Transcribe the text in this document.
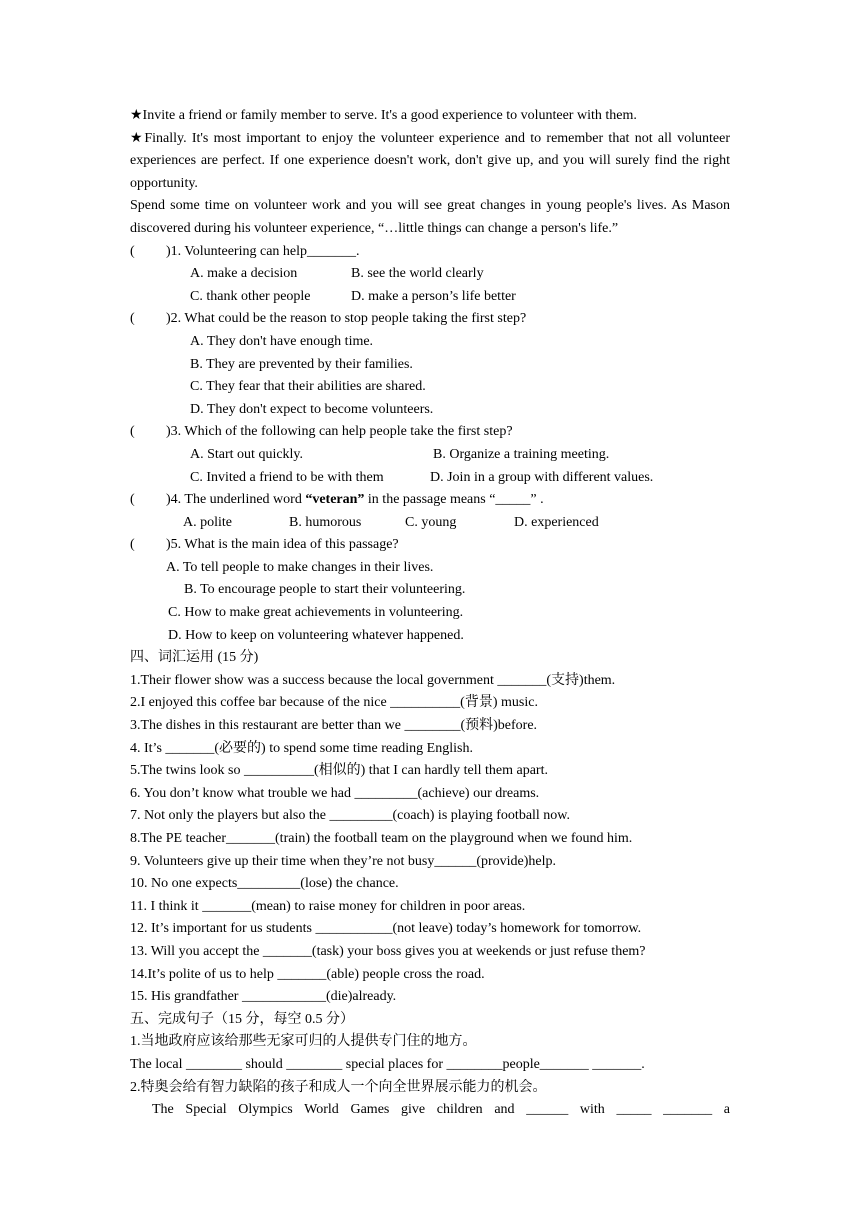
★Invite a friend or family member to serve. It's a good experience to volunteer with them.
★Finally. It's most important to enjoy the volunteer experience and to remember that not all volunteer experiences are perfect. If one experience doesn't work, don't give up, and you will surely find the right opportunity.
Spend some time on volunteer work and you will see great changes in young people's lives. As Mason discovered during his volunteer experience, “…little things can change a person's life.”
( )1. Volunteering can help_______.
A. make a decision	B. see the world clearly
C. thank other people	D. make a person’s life better
( )2. What could be the reason to stop people taking the first step?
A. They don't have enough time.
B. They are prevented by their families.
C. They fear that their abilities are shared.
D. They don't expect to become volunteers.
( )3. Which of the following can help people take the first step?
A. Start out quickly.	B. Organize a training meeting.
C. Invited a friend to be with them	D. Join in a group with different values.
( )4. The underlined word “veteran” in the passage means “_____” .
A. polite	B. humorous	C. young	D. experienced
( )5. What is the main idea of this passage?
A. To tell people to make changes in their lives.
B. To encourage people to start their volunteering.
C. How to make great achievements in volunteering.
D. How to keep on volunteering whatever happened.
四、词汇运用 (15 分)
1.Their flower show was a success because the local government _______(支持)them.
2.I enjoyed this coffee bar because of the nice __________(背景) music.
3.The dishes in this restaurant are better than we ________(预料)before.
4. It’s _______(必要的) to spend some time reading English.
5.The twins look so __________(相似的) that I can hardly tell them apart.
6. You don’t know what trouble we had _________(achieve) our dreams.
7. Not only the players but also the _________(coach) is playing football now.
8.The PE teacher_______(train) the football team on the playground when we found him.
9. Volunteers give up their time when they’re not busy______(provide)help.
10. No one expects_________(lose) the chance.
11. I think it _______(mean) to raise money for children in poor areas.
12. It’s important for us students ___________(not leave) today’s homework for tomorrow.
13. Will you accept the _______(task) your boss gives you at weekends or just refuse them?
14.It’s polite of us to help _______(able) people cross the road.
15. His grandfather ____________(die)already.
五、完成句子（15 分，每空 0.5 分）
1.当地政府应该给那些无家可归的人提供专门住的地方。
The local ________ should ________ special places for ________people_______ _______.
2.特奥会给有智力缺陷的孩子和成人一个向全世界展示能力的机会。
The Special Olympics World Games give children and ______ with _____ _______ a
